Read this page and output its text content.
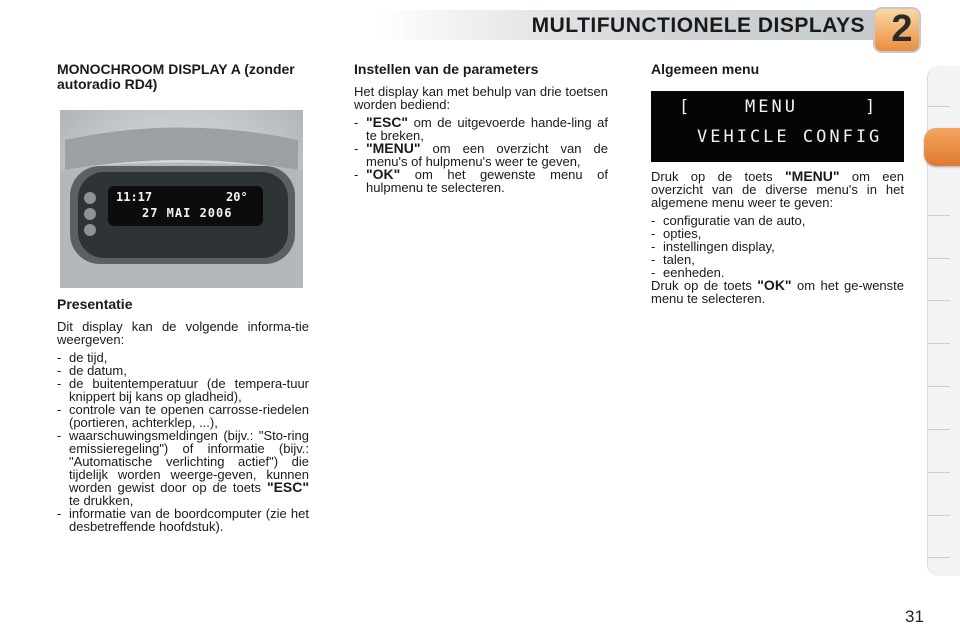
MULTIFUNCTIONELE DISPLAYS 2
MONOCHROOM DISPLAY A (zonder autoradio RD4)
11:17	20°
27 MAI 2006
Presentatie

Dit display kan de volgende informa-tie weergeven:

- de tijd,
- de datum,
- de buitentemperatuur (de tempera-tuur knippert bij kans op gladheid),
- controle van te openen carrosse-riedelen (portieren, achterklep, ...),
- waarschuwingsmeldingen (bijv.: "Sto-ring emissieregeling") of informatie (bijv.: "Automatische verlichting actief") die tijdelijk worden weerge-geven, kunnen worden gewist door op de toets "ESC" te drukken,
- informatie van de boordcomputer (zie het desbetreffende hoofdstuk).
Instellen van de parameters

Het display kan met behulp van drie toetsen worden bediend:

- "ESC" om de uitgevoerde hande-ling af te breken,
- "MENU" om een overzicht van de menu's of hulpmenu's weer te geven,
- "OK" om het gewenste menu of hulpmenu te selecteren.
Algemeen menu
[	MENU	]
VEHICLE CONFIG

Druk op de toets "MENU" om een overzicht van de diverse menu's in het algemene menu weer te geven:

- configuratie van de auto,
- opties,
- instellingen display,
- talen,
- eenheden.

Druk op de toets "OK" om het ge-wenste menu te selecteren.

31
